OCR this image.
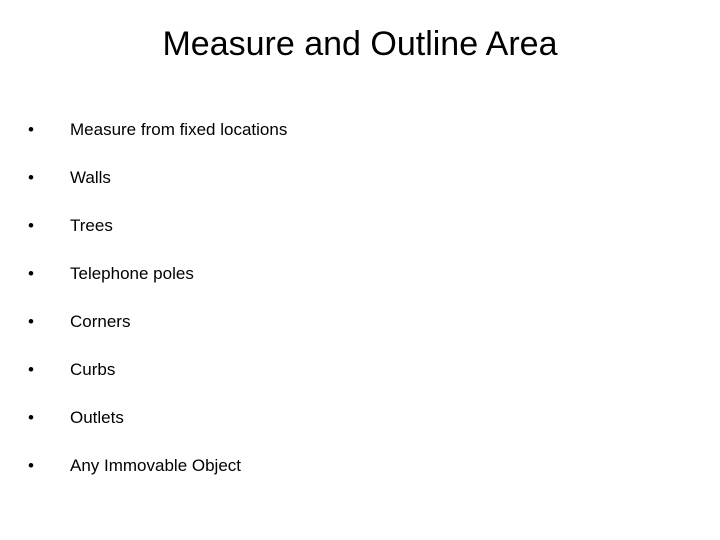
Measure and Outline Area
•	Measure from fixed locations
•	Walls
•	Trees
•	Telephone poles
•	Corners
•	Curbs
•	Outlets
•	Any Immovable Object
